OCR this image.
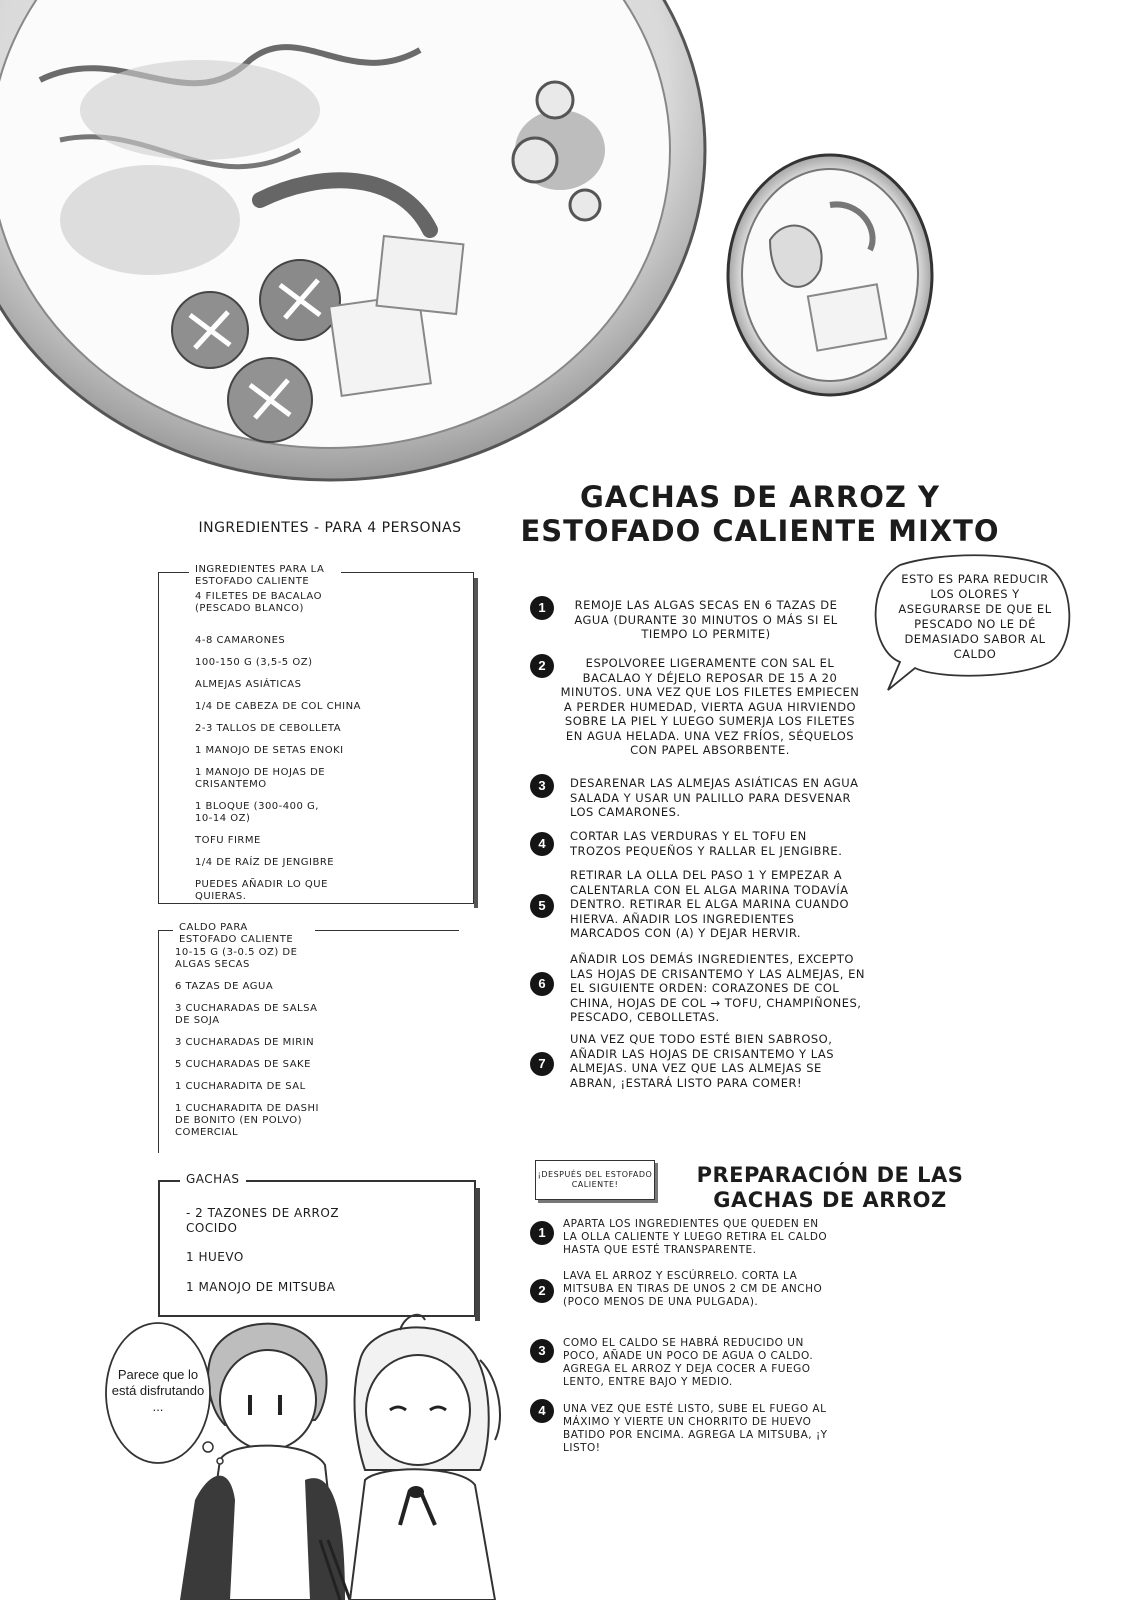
GACHAS DE ARROZ Y ESTOFADO CALIENTE MIXTO
INGREDIENTES - PARA 4 PERSONAS
INGREDIENTES PARA LA ESTOFADO CALIENTE
4 FILETES DE BACALAO (PESCADO BLANCO)
4-8 CAMARONES
100-150 G (3,5-5 OZ)
ALMEJAS ASIÁTICAS
1/4 DE CABEZA DE COL CHINA
2-3 TALLOS DE CEBOLLETA
1 MANOJO DE SETAS ENOKI
1 MANOJO DE HOJAS DE CRISANTEMO
1 BLOQUE (300-400 G, 10-14 OZ)
TOFU FIRME
1/4 DE RAÍZ DE JENGIBRE
PUEDES AÑADIR LO QUE QUIERAS.
CALDO PARA ESTOFADO CALIENTE
10-15 G (3-0.5 OZ) DE ALGAS SECAS
6 TAZAS DE AGUA
3 CUCHARADAS DE SALSA DE SOJA
3 CUCHARADAS DE MIRIN
5 CUCHARADAS DE SAKE
1 CUCHARADITA DE SAL
1 CUCHARADITA DE DASHI DE BONITO (EN POLVO) COMERCIAL
GACHAS
- 2 TAZONES DE ARROZ COCIDO
1 HUEVO
1 MANOJO DE MITSUBA
ESTO ES PARA REDUCIR LOS OLORES Y ASEGURARSE DE QUE EL PESCADO NO LE DÉ DEMASIADO SABOR AL CALDO
1	REMOJE LAS ALGAS SECAS EN 6 TAZAS DE AGUA (DURANTE 30 MINUTOS O MÁS SI EL TIEMPO LO PERMITE)
2	ESPOLVOREE LIGERAMENTE CON SAL EL BACALAO Y DÉJELO REPOSAR DE 15 A 20 MINUTOS. UNA VEZ QUE LOS FILETES EMPIECEN A PERDER HUMEDAD, VIERTA AGUA HIRVIENDO SOBRE LA PIEL Y LUEGO SUMERJA LOS FILETES EN AGUA HELADA. UNA VEZ FRÍOS, SÉQUELOS CON PAPEL ABSORBENTE.
3	DESARENAR LAS ALMEJAS ASIÁTICAS EN AGUA SALADA Y USAR UN PALILLO PARA DESVENAR LOS CAMARONES.
4	CORTAR LAS VERDURAS Y EL TOFU EN TROZOS PEQUEÑOS Y RALLAR EL JENGIBRE.
5
RETIRAR LA OLLA DEL PASO 1 Y EMPEZAR A CALENTARLA CON EL ALGA MARINA TODAVÍA DENTRO. RETIRAR EL ALGA MARINA CUANDO HIERVA. AÑADIR LOS INGREDIENTES MARCADOS CON (A) Y DEJAR HERVIR.
6
AÑADIR LOS DEMÁS INGREDIENTES, EXCEPTO LAS HOJAS DE CRISANTEMO Y LAS ALMEJAS, EN EL SIGUIENTE ORDEN: CORAZONES DE COL CHINA, HOJAS DE COL → TOFU, CHAMPIÑONES, PESCADO, CEBOLLETAS.
7
UNA VEZ QUE TODO ESTÉ BIEN SABROSO, AÑADIR LAS HOJAS DE CRISANTEMO Y LAS ALMEJAS. UNA VEZ QUE LAS ALMEJAS SE ABRAN, ¡ESTARÁ LISTO PARA COMER!
¡DESPUÉS DEL ESTOFADO CALIENTE!	PREPARACIÓN DE LAS GACHAS DE ARROZ
1
APARTA LOS INGREDIENTES QUE QUEDEN EN LA OLLA CALIENTE Y LUEGO RETIRA EL CALDO HASTA QUE ESTÉ TRANSPARENTE.
2
LAVA EL ARROZ Y ESCÚRRELO. CORTA LA MITSUBA EN TIRAS DE UNOS 2 CM DE ANCHO (POCO MENOS DE UNA PULGADA).
3	COMO EL CALDO SE HABRÁ REDUCIDO UN POCO, AÑADE UN POCO DE AGUA O CALDO. AGREGA EL ARROZ Y DEJA COCER A FUEGO LENTO, ENTRE BAJO Y MEDIO.
4	UNA VEZ QUE ESTÉ LISTO, SUBE EL FUEGO AL MÁXIMO Y VIERTE UN CHORRITO DE HUEVO BATIDO POR ENCIMA. AGREGA LA MITSUBA, ¡Y LISTO!
Parece que lo está disfrutando ...
